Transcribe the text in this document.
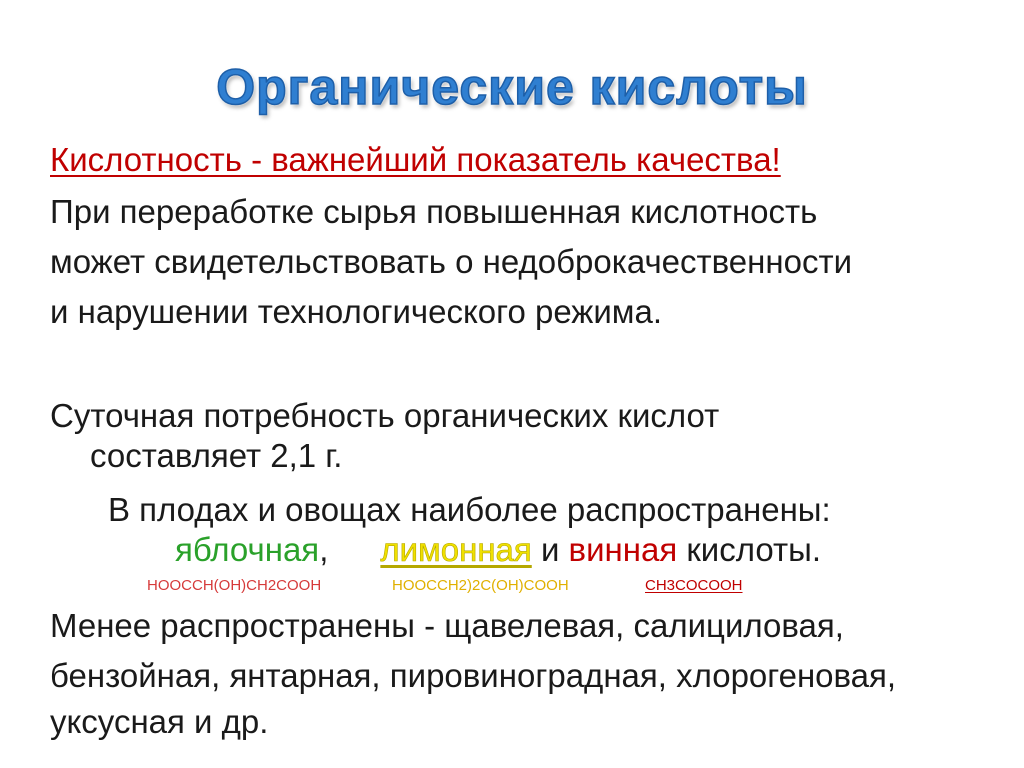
Органические кислоты
Кислотность - важнейший показатель качества!
При переработке сырья повышенная кислотность
может свидетельствовать о недоброкачественности
и нарушении технологического режима.
Суточная потребность органических кислот
составляет 2,1 г.
В плодах и овощах наиболее распространены:
яблочная, лимонная и винная кислоты.
HOOCCH(OH)CH2COOH	HOOCCH2)2C(OH)COOH	CH3COCOOH
Менее распространены - щавелевая, салициловая,
бензойная, янтарная, пировиноградная, хлорогеновая,
уксусная и др.
